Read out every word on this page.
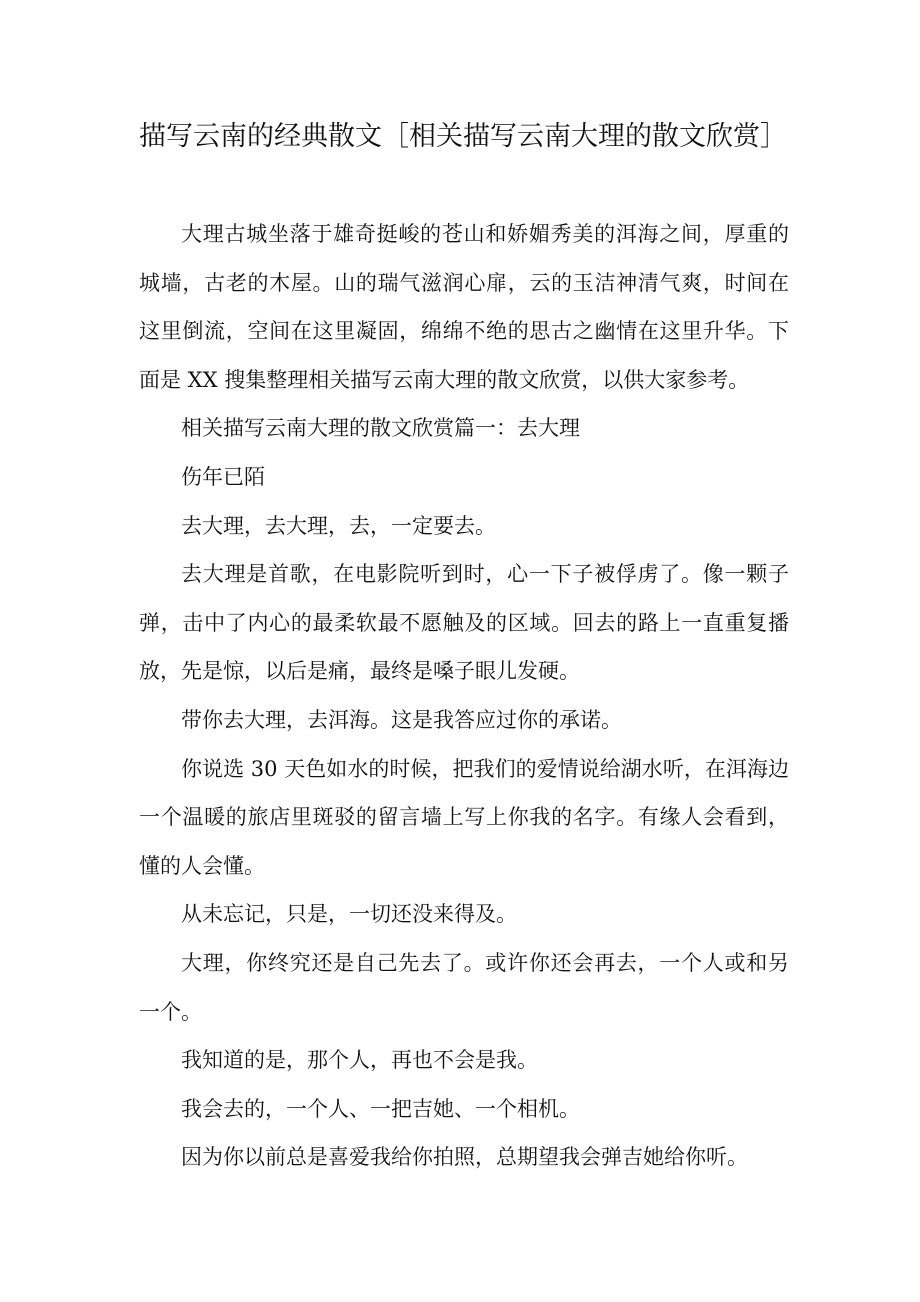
描写云南的经典散文［相关描写云南大理的散文欣赏］

大理古城坐落于雄奇挺峻的苍山和娇媚秀美的洱海之间，厚重的城墙，古老的木屋。山的瑞气滋润心扉，云的玉洁神清气爽，时间在这里倒流，空间在这里凝固，绵绵不绝的思古之幽情在这里升华。下面是 XX 搜集整理相关描写云南大理的散文欣赏，以供大家参考。

相关描写云南大理的散文欣赏篇一：去大理

伤年已陌

去大理，去大理，去，一定要去。

去大理是首歌，在电影院听到时，心一下子被俘虏了。像一颗子弹，击中了内心的最柔软最不愿触及的区域。回去的路上一直重复播放，先是惊，以后是痛，最终是嗓子眼儿发硬。

带你去大理，去洱海。这是我答应过你的承诺。

你说选 30 天色如水的时候，把我们的爱情说给湖水听，在洱海边一个温暖的旅店里斑驳的留言墙上写上你我的名字。有缘人会看到，懂的人会懂。

从未忘记，只是，一切还没来得及。

大理，你终究还是自己先去了。或许你还会再去，一个人或和另一个。

我知道的是，那个人，再也不会是我。

我会去的，一个人、一把吉她、一个相机。

因为你以前总是喜爱我给你拍照，总期望我会弹吉她给你听。
